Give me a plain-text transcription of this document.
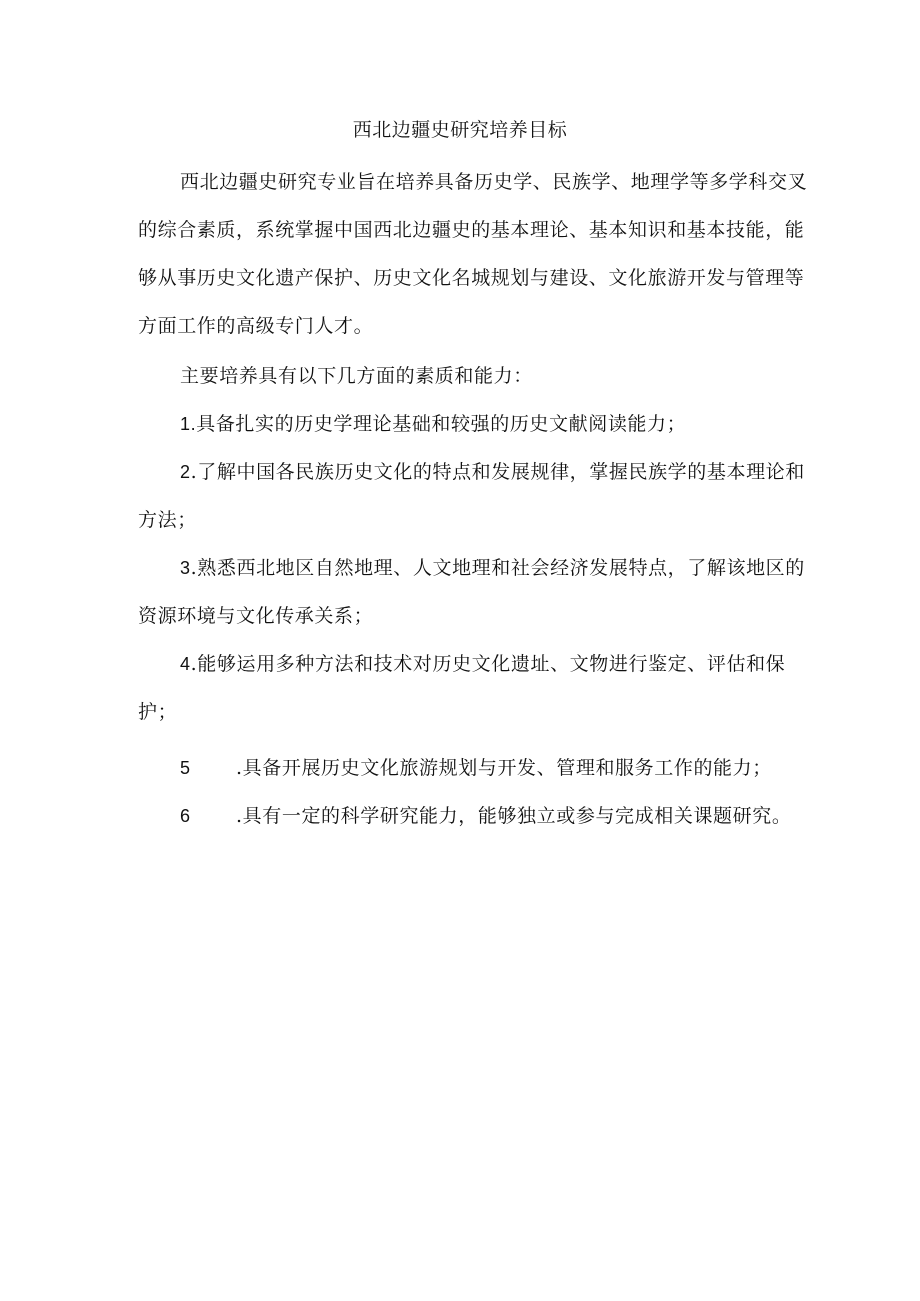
西北边疆史研究培养目标

西北边疆史研究专业旨在培养具备历史学、民族学、地理学等多学科交叉的综合素质，系统掌握中国西北边疆史的基本理论、基本知识和基本技能，能够从事历史文化遗产保护、历史文化名城规划与建设、文化旅游开发与管理等方面工作的高级专门人才。

主要培养具有以下几方面的素质和能力：

1.具备扎实的历史学理论基础和较强的历史文献阅读能力；

2.了解中国各民族历史文化的特点和发展规律，掌握民族学的基本理论和方法；

3.熟悉西北地区自然地理、人文地理和社会经济发展特点，了解该地区的资源环境与文化传承关系；

4.能够运用多种方法和技术对历史文化遗址、文物进行鉴定、评估和保护；

5 .具备开展历史文化旅游规划与开发、管理和服务工作的能力；

6 .具有一定的科学研究能力，能够独立或参与完成相关课题研究。
